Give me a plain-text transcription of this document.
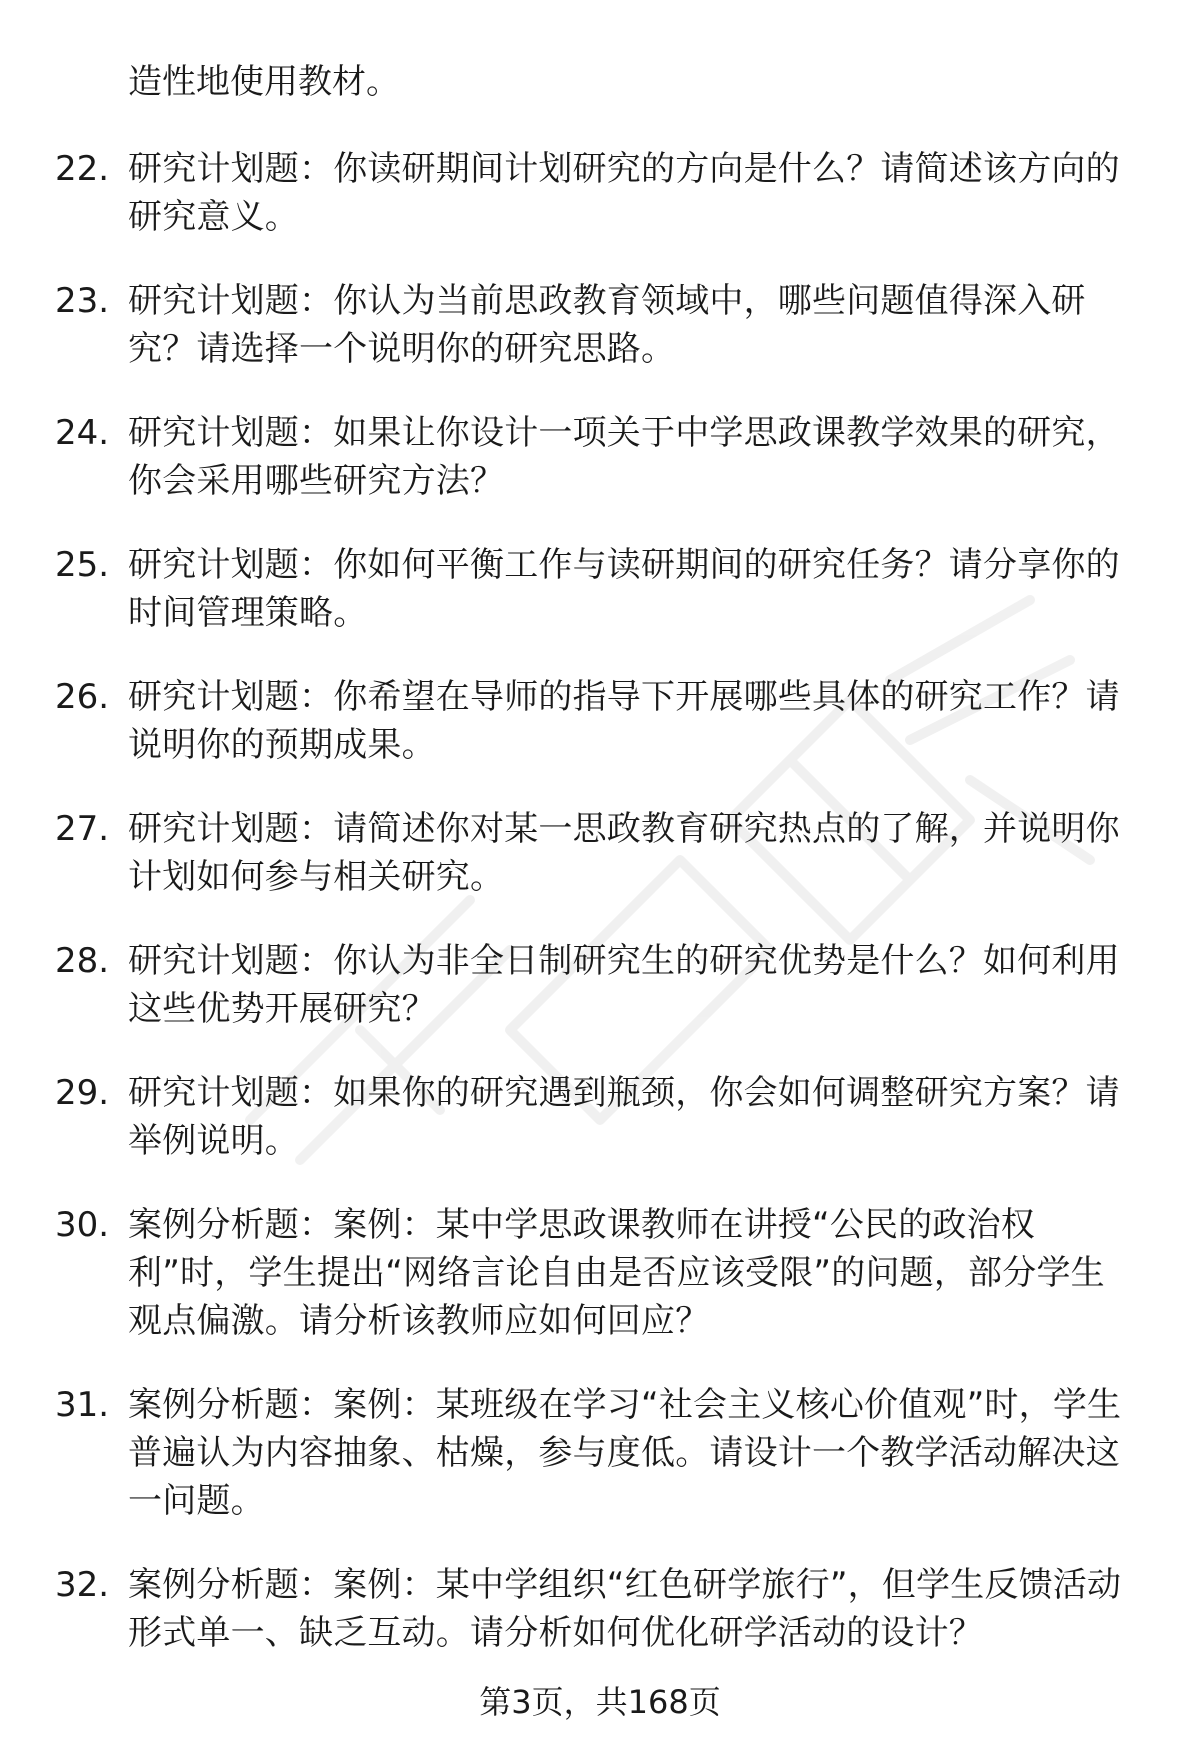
造性地使用教材。
22. 研究计划题：你读研期间计划研究的方向是什么？请简述该方向的研究意义。
23. 研究计划题：你认为当前思政教育领域中，哪些问题值得深入研究？请选择一个说明你的研究思路。
24. 研究计划题：如果让你设计一项关于中学思政课教学效果的研究，你会采用哪些研究方法？
25. 研究计划题：你如何平衡工作与读研期间的研究任务？请分享你的时间管理策略。
26. 研究计划题：你希望在导师的指导下开展哪些具体的研究工作？请说明你的预期成果。
27. 研究计划题：请简述你对某一思政教育研究热点的了解，并说明你计划如何参与相关研究。
28. 研究计划题：你认为非全日制研究生的研究优势是什么？如何利用这些优势开展研究？
29. 研究计划题：如果你的研究遇到瓶颈，你会如何调整研究方案？请举例说明。
30. 案例分析题：案例：某中学思政课教师在讲授“公民的政治权利”时，学生提出“网络言论自由是否应该受限”的问题，部分学生观点偏激。请分析该教师应如何回应？
31. 案例分析题：案例：某班级在学习“社会主义核心价值观”时，学生普遍认为内容抽象、枯燥，参与度低。请设计一个教学活动解决这一问题。
32. 案例分析题：案例：某中学组织“红色研学旅行”，但学生反馈活动形式单一、缺乏互动。请分析如何优化研学活动的设计？
第3页，共168页
